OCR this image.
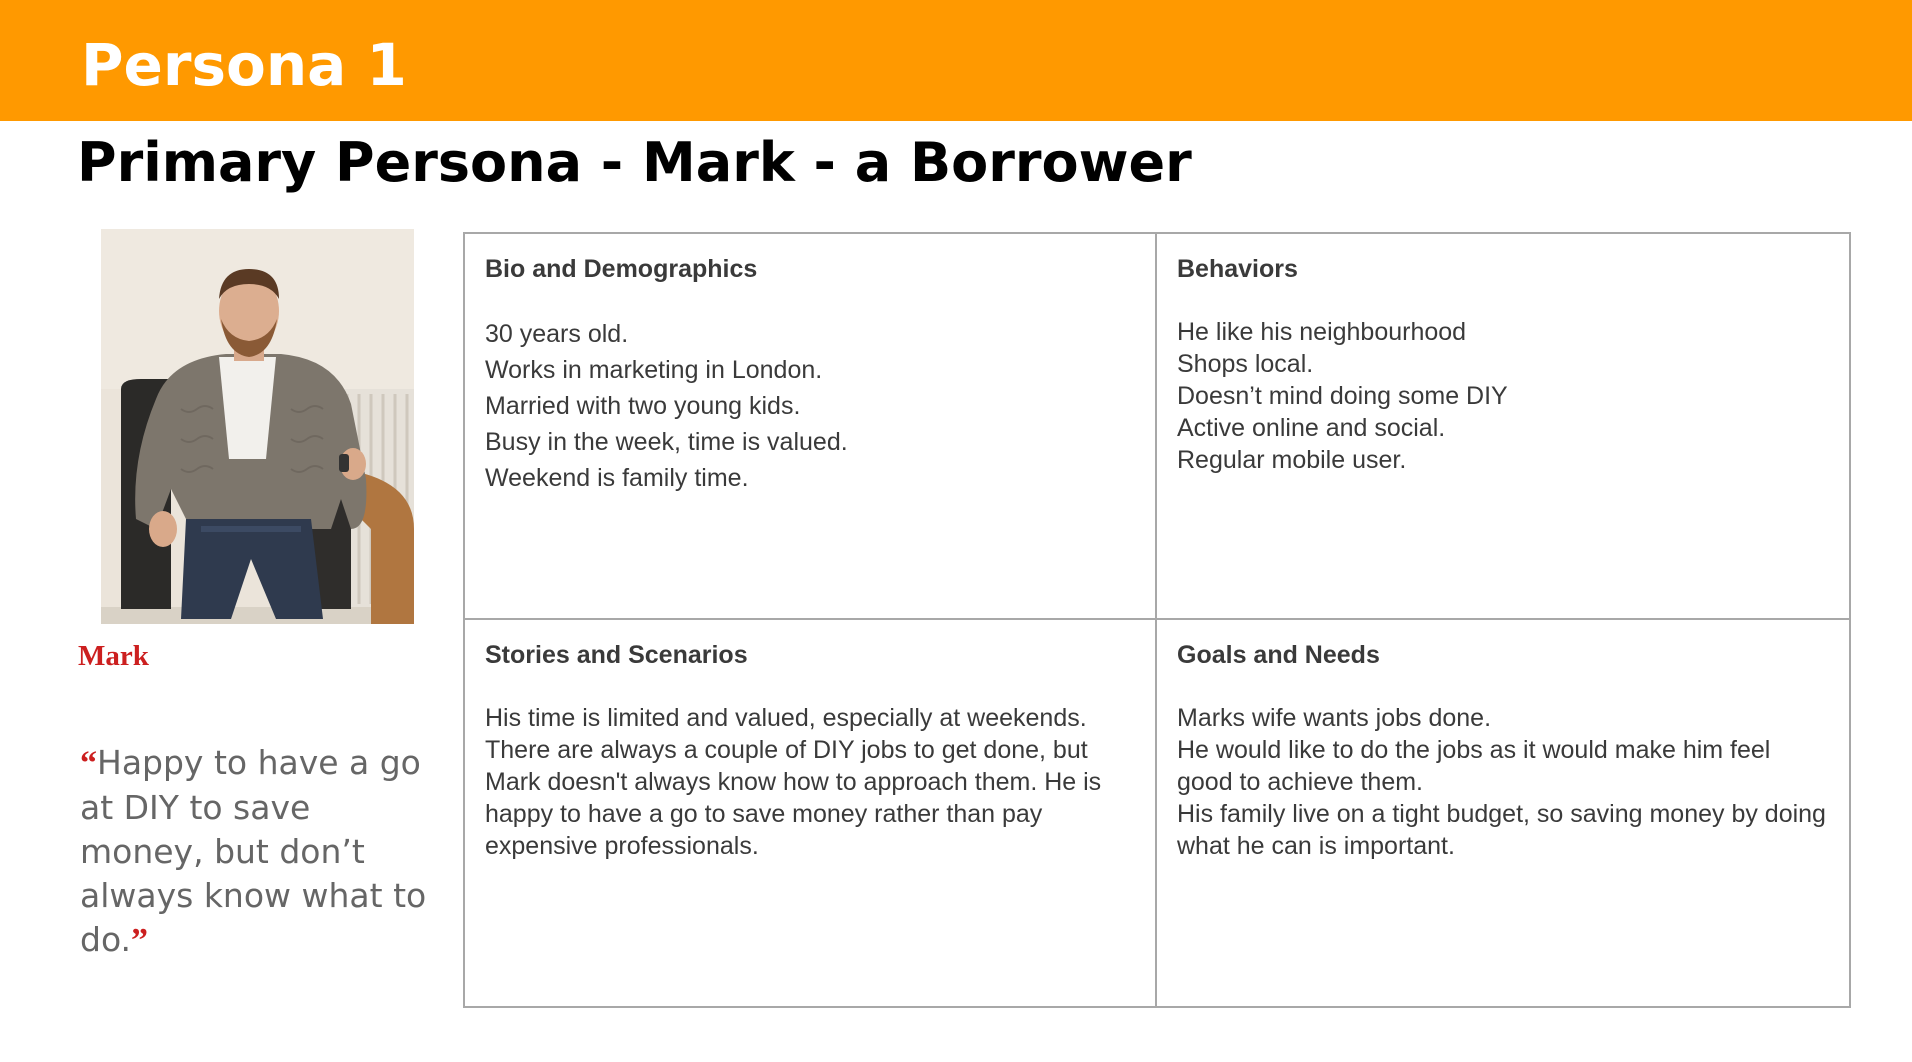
Persona 1
Primary Persona - Mark - a Borrower
Mark
“Happy to have a go at DIY to save money, but don’t always know what to do.”
Bio and Demographics
30 years old.
Works in marketing in London.
Married with two young kids.
Busy in the week, time is valued.
Weekend is family time.
Behaviors
He like his neighbourhood
Shops local.
Doesn’t mind doing some DIY
Active online and social.
Regular mobile user.
Stories and Scenarios
His time is limited and valued, especially at weekends. There are always a couple of DIY jobs to get done, but Mark doesn't always know how to approach them. He is happy to have a go to save money rather than pay expensive professionals.
Goals and Needs
Marks wife wants jobs done.
He would like to do the jobs as it would make him feel good to achieve them.
His family live on a tight budget, so saving money by doing what he can is important.
